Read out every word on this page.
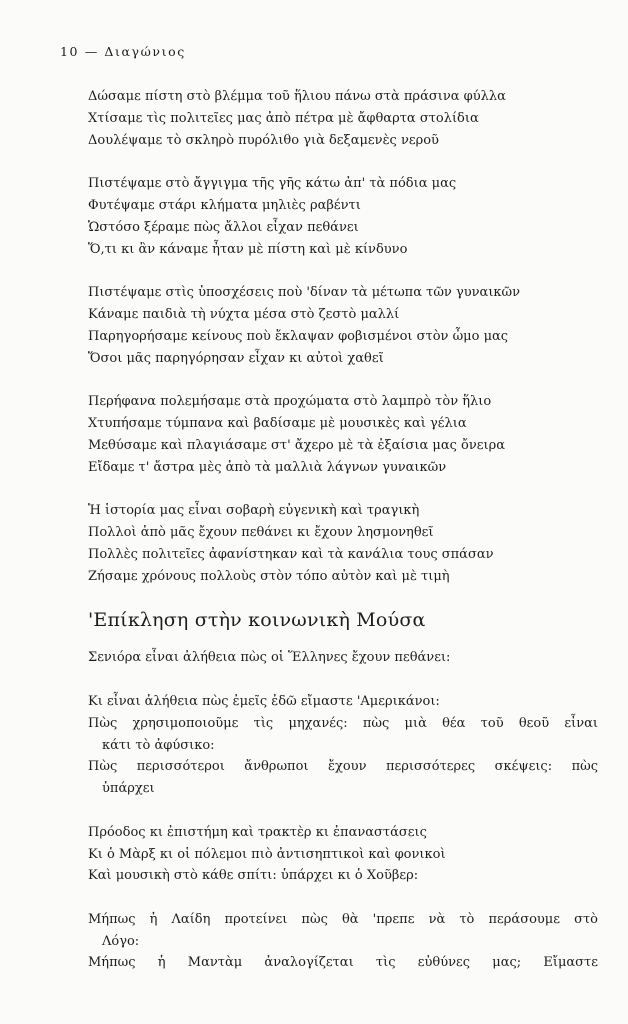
10 — Διαγώνιος
Δώσαμε πίστη στὸ βλέμμα τοῦ ἥλιου πάνω στὰ πράσινα φύλλα
Χτίσαμε τὶς πολιτεῖες μας ἀπὸ πέτρα μὲ ἄφθαρτα στολίδια
Δουλέψαμε τὸ σκληρὸ πυρόλιθο γιὰ δεξαμενὲς νεροῦ
Πιστέψαμε στὸ ἄγγιγμα τῆς γῆς κάτω ἀπ' τὰ πόδια μας
Φυτέψαμε στάρι κλήματα μηλιὲς ραβέντι
Ὡστόσο ξέραμε πὼς ἄλλοι εἶχαν πεθάνει
Ὅ,τι κι ἂν κάναμε ἦταν μὲ πίστη καὶ μὲ κίνδυνο
Πιστέψαμε στὶς ὑποσχέσεις ποὺ 'δίναν τὰ μέτωπα τῶν γυναικῶν
Κάναμε παιδιὰ τὴ νύχτα μέσα στὸ ζεστὸ μαλλί
Παρηγορήσαμε κείνους ποὺ ἔκλαψαν φοβισμένοι στὸν ὦμο μας
Ὅσοι μᾶς παρηγόρησαν εἶχαν κι αὐτοὶ χαθεῖ
Περήφανα πολεμήσαμε στὰ προχώματα στὸ λαμπρὸ τὸν ἥλιο
Χτυπήσαμε τύμπανα καὶ βαδίσαμε μὲ μουσικὲς καὶ γέλια
Μεθύσαμε καὶ πλαγιάσαμε στ' ἄχερο μὲ τὰ ἐξαίσια μας ὄνειρα
Εἴδαμε τ' ἄστρα μὲς ἀπὸ τὰ μαλλιὰ λάγνων γυναικῶν
Ἡ ἱστορία μας εἶναι σοβαρὴ εὐγενικὴ καὶ τραγικὴ
Πολλοὶ ἀπὸ μᾶς ἔχουν πεθάνει κι ἔχουν λησμονηθεῖ
Πολλὲς πολιτεῖες ἀφανίστηκαν καὶ τὰ κανάλια τους σπάσαν
Ζήσαμε χρόνους πολλοὺς στὸν τόπο αὐτὸν καὶ μὲ τιμὴ
'Επίκληση στὴν κοινωνικὴ Μούσα
Σενιόρα εἶναι ἀλήθεια πὼς οἱ Ἕλληνες ἔχουν πεθάνει:
Κι εἶναι ἀλήθεια πὼς ἐμεῖς ἐδῶ εἴμαστε 'Αμερικάνοι:
Πὼς χρησιμοποιοῦμε τὶς μηχανές: πὼς μιὰ θέα τοῦ θεοῦ εἶναι
κάτι τὸ ἀφύσικο:
Πὼς περισσότεροι ἄνθρωποι ἔχουν περισσότερες σκέψεις: πὼς
ὑπάρχει
Πρόοδος κι ἐπιστήμη καὶ τρακτὲρ κι ἐπαναστάσεις
Κι ὁ Μὰρξ κι οἱ πόλεμοι πιὸ ἀντισηπτικοὶ καὶ φονικοὶ
Καὶ μουσικὴ στὸ κάθε σπίτι: ὑπάρχει κι ὁ Χοῦβερ:
Μήπως ἡ Λαίδη προτείνει πὼς θὰ 'πρεπε νὰ τὸ περάσουμε στὸ
Λόγο:
Μήπως ἡ Μαντὰμ ἀναλογίζεται τὶς εὐθύνες μας; Εἴμαστε
